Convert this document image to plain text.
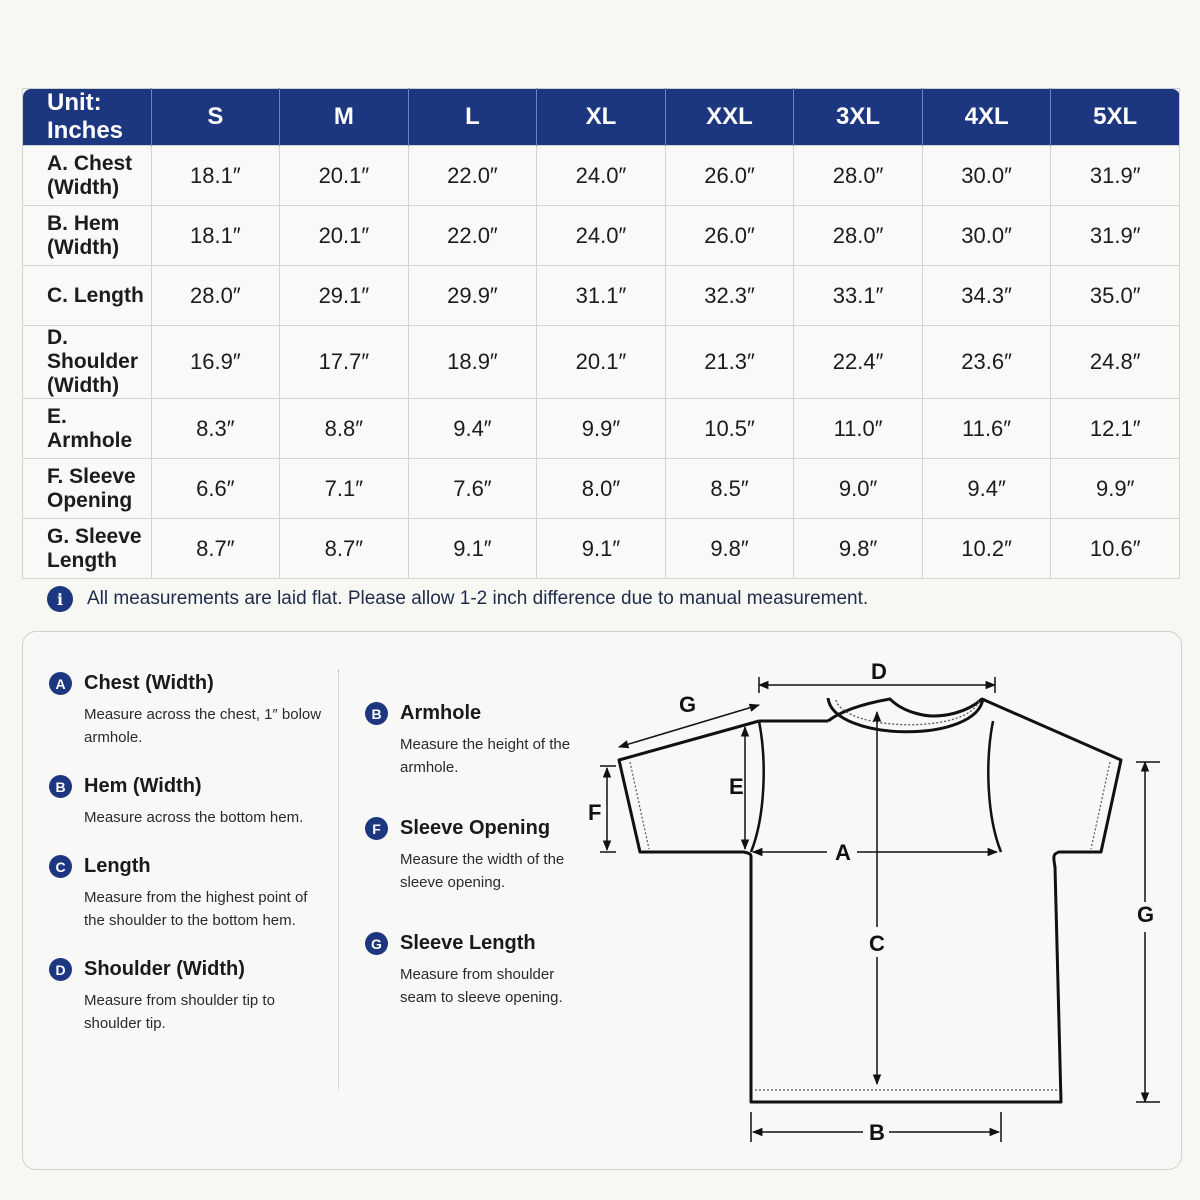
Unit: Inches	S	M	L	XL	XXL	3XL	4XL	5XL
A. Chest (Width)	18.1″	20.1″	22.0″	24.0″	26.0″	28.0″	30.0″	31.9″
B. Hem (Width)	18.1″	20.1″	22.0″	24.0″	26.0″	28.0″	30.0″	31.9″
C. Length	28.0″	29.1″	29.9″	31.1″	32.3″	33.1″	34.3″	35.0″
D. Shoulder (Width)	16.9″	17.7″	18.9″	20.1″	21.3″	22.4″	23.6″	24.8″
E. Armhole	8.3″	8.8″	9.4″	9.9″	10.5″	11.0″	11.6″	12.1″
F. Sleeve Opening	6.6″	7.1″	7.6″	8.0″	8.5″	9.0″	9.4″	9.9″
G. Sleeve Length	8.7″	8.7″	9.1″	9.1″	9.8″	9.8″	10.2″	10.6″
i	All measurements are laid flat. Please allow 1-2 inch difference due to manual measurement.
A Chest (Width)
Measure across the chest, 1″ bolow armhole.
B Hem (Width)
Measure across the bottom hem.
C Length
Measure from the highest point of the shoulder to the bottom hem.
D Shoulder (Width)
Measure from shoulder tip to shoulder tip.
B Armhole
Measure the height of the armhole.
F Sleeve Opening
Measure the width of the sleeve opening.
G Sleeve Length
Measure from shoulder seam to sleeve opening.
D
G
E
F
A
C
G
B
